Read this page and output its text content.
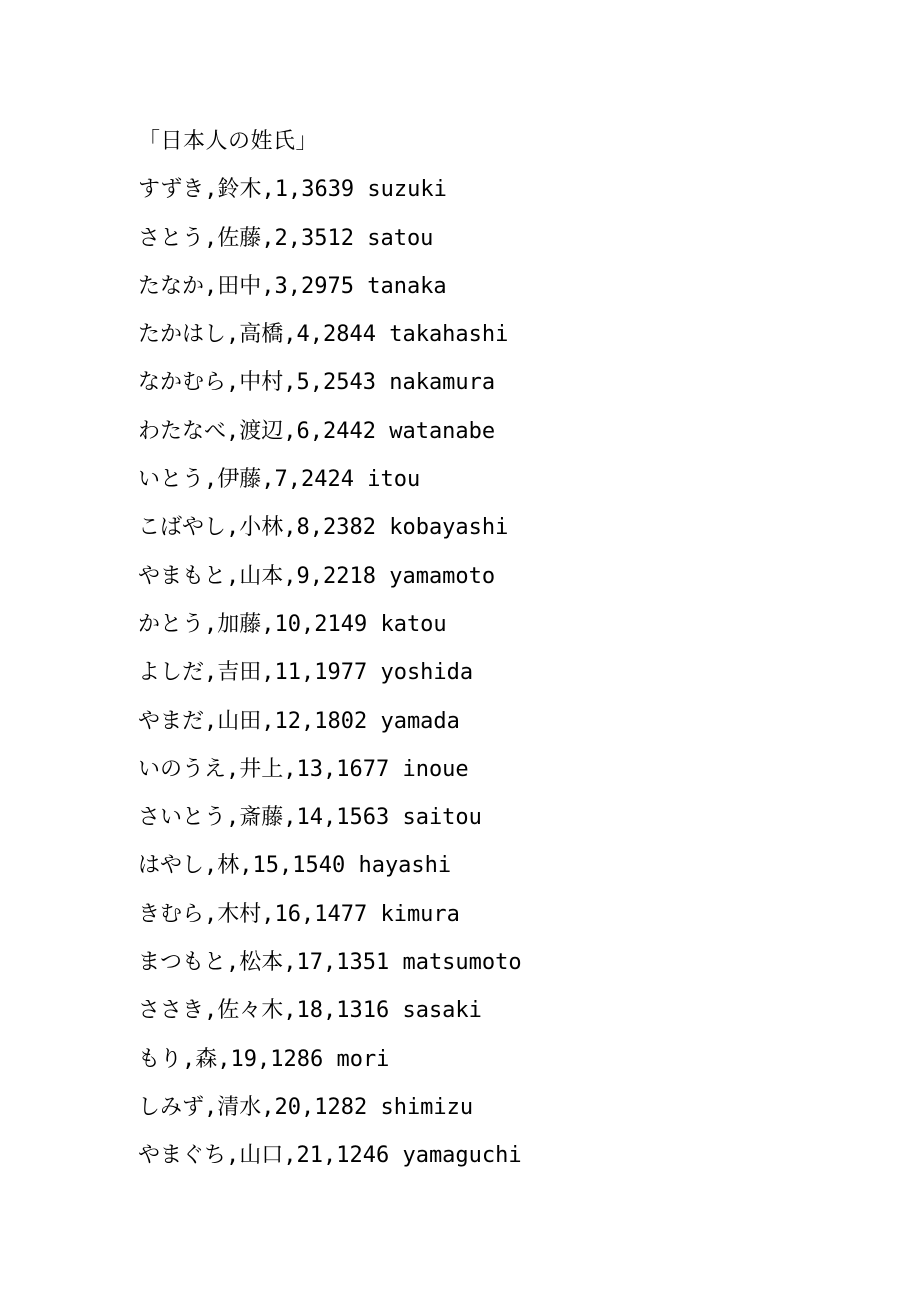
「日本人の姓氏」
すずき,鈴木,1,3639 suzuki
さとう,佐藤,2,3512 satou
たなか,田中,3,2975 tanaka
たかはし,高橋,4,2844 takahashi
なかむら,中村,5,2543 nakamura
わたなべ,渡辺,6,2442 watanabe
いとう,伊藤,7,2424 itou
こばやし,小林,8,2382 kobayashi
やまもと,山本,9,2218 yamamoto
かとう,加藤,10,2149 katou
よしだ,吉田,11,1977 yoshida
やまだ,山田,12,1802 yamada
いのうえ,井上,13,1677 inoue
さいとう,斎藤,14,1563 saitou
はやし,林,15,1540 hayashi
きむら,木村,16,1477 kimura
まつもと,松本,17,1351 matsumoto
ささき,佐々木,18,1316 sasaki
もり,森,19,1286 mori
しみず,清水,20,1282 shimizu
やまぐち,山口,21,1246 yamaguchi
